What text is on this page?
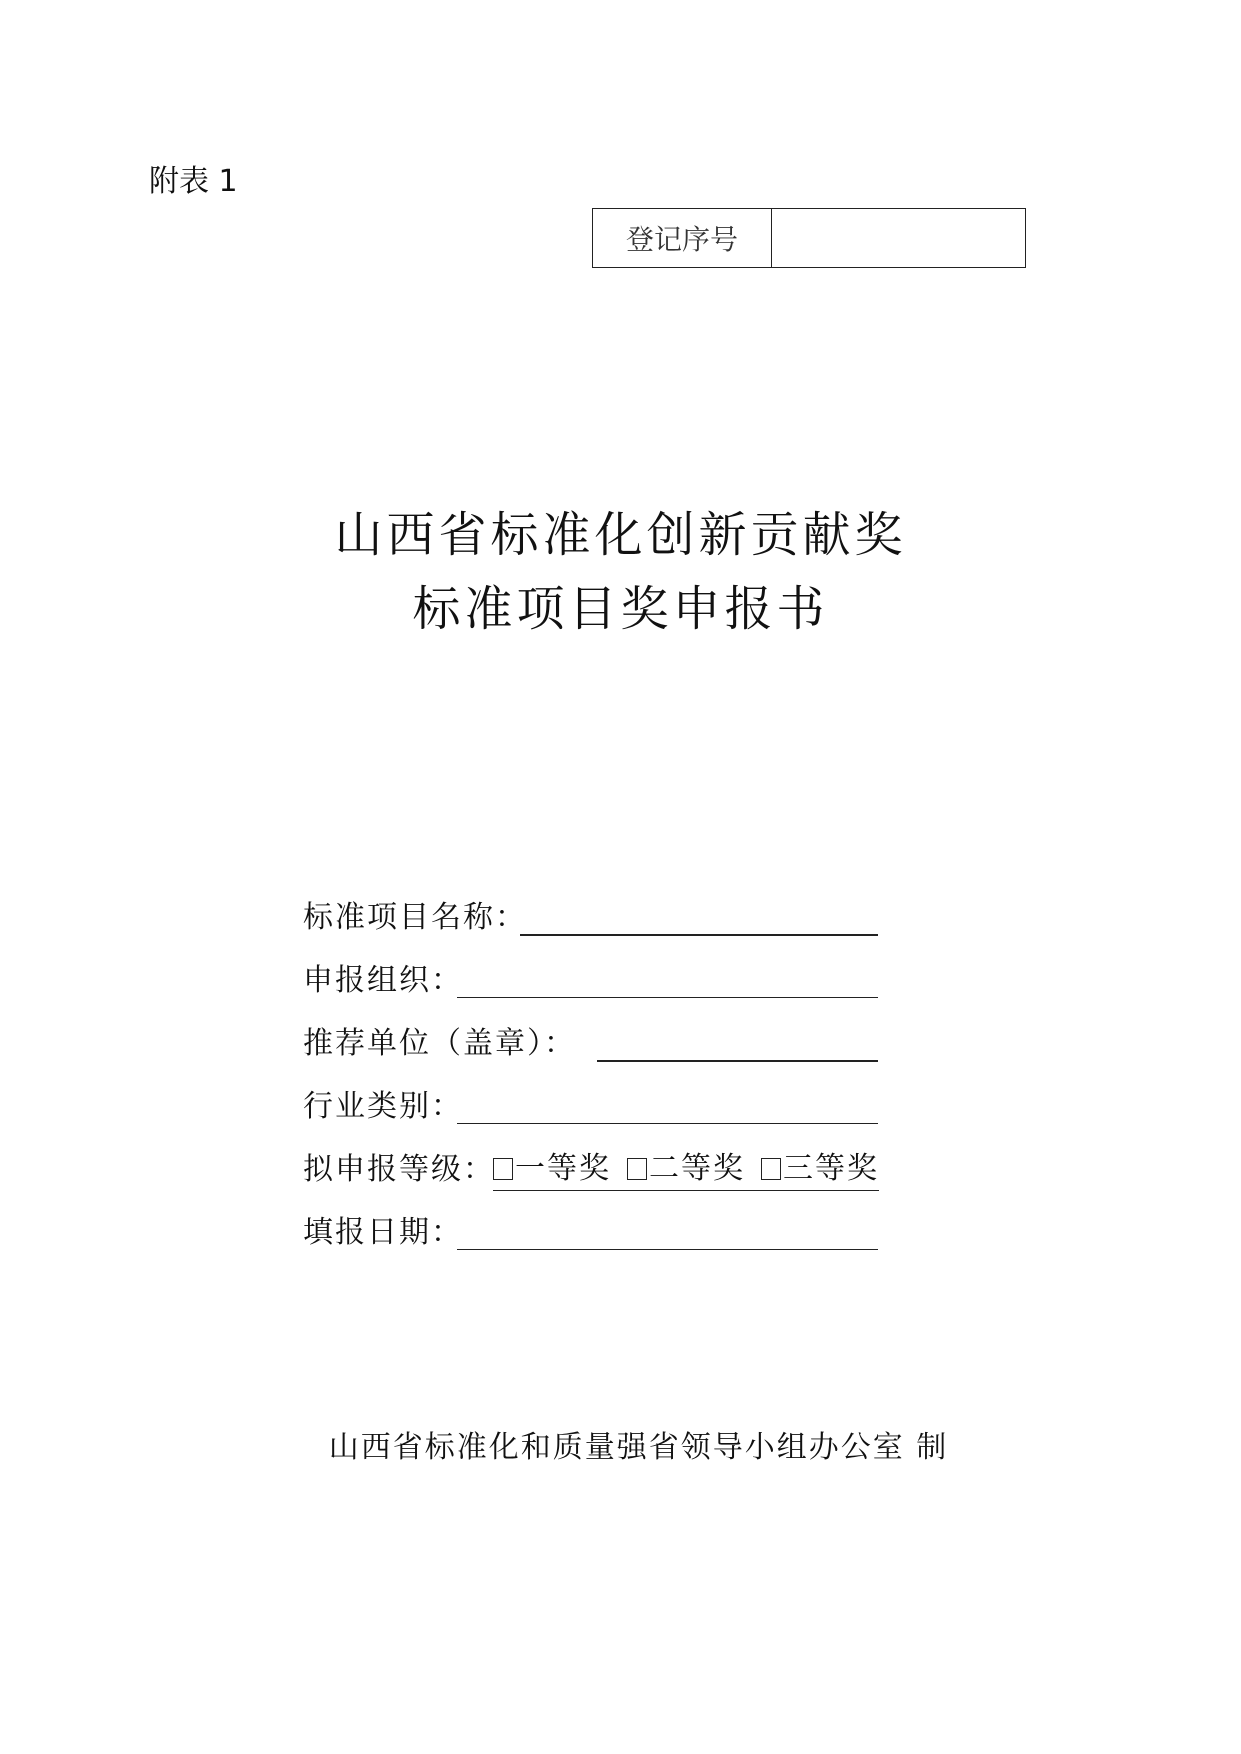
附表 1
登记序号
山西省标准化创新贡献奖
标准项目奖申报书
标准项目名称：
申报组织：
推荐单位（盖章）：
行业类别：
拟申报等级： 一等奖 二等奖 三等奖
填报日期：
山西省标准化和质量强省领导小组办公室 制
